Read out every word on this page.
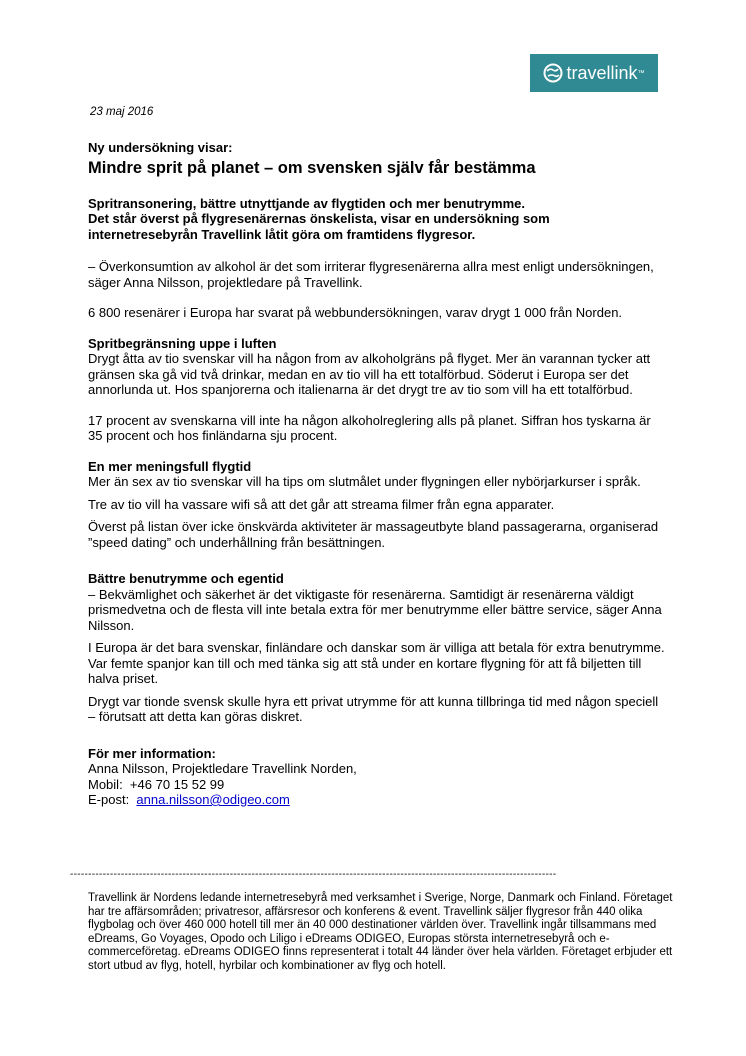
travellink ™
23 maj 2016

Ny undersökning visar:

Mindre sprit på planet – om svensken själv får bestämma

Spritransonering, bättre utnyttjande av flygtiden och mer benutrymme.
Det står överst på flygresenärernas önskelista, visar en undersökning som
internetresebyrån Travellink låtit göra om framtidens flygresor.

– Överkonsumtion av alkohol är det som irriterar flygresenärerna allra mest enligt undersökningen, säger Anna Nilsson, projektledare på Travellink.

6 800 resenärer i Europa har svarat på webbundersökningen, varav drygt 1 000 från Norden.

Spritbegränsning uppe i luften

Drygt åtta av tio svenskar vill ha någon from av alkoholgräns på flyget. Mer än varannan tycker att gränsen ska gå vid två drinkar, medan en av tio vill ha ett totalförbud. Söderut i Europa ser det annorlunda ut. Hos spanjorerna och italienarna är det drygt tre av tio som vill ha ett totalförbud.

17 procent av svenskarna vill inte ha någon alkoholreglering alls på planet. Siffran hos tyskarna är 35 procent och hos finländarna sju procent.

En mer meningsfull flygtid

Mer än sex av tio svenskar vill ha tips om slutmålet under flygningen eller nybörjarkurser i språk.

Tre av tio vill ha vassare wifi så att det går att streama filmer från egna apparater.

Överst på listan över icke önskvärda aktiviteter är massageutbyte bland passagerarna, organiserad ”speed dating” och underhållning från besättningen.

Bättre benutrymme och egentid

– Bekvämlighet och säkerhet är det viktigaste för resenärerna. Samtidigt är resenärerna väldigt prismedvetna och de flesta vill inte betala extra för mer benutrymme eller bättre service, säger Anna Nilsson.

I Europa är det bara svenskar, finländare och danskar som är villiga att betala för extra benutrymme. Var femte spanjor kan till och med tänka sig att stå under en kortare flygning för att få biljetten till halva priset.

Drygt var tionde svensk skulle hyra ett privat utrymme för att kunna tillbringa tid med någon speciell – förutsatt att detta kan göras diskret.

För mer information:
Anna Nilsson, Projektledare Travellink Norden,
Mobil: +46 70 15 52 99
E-post: anna.nilsson@odigeo.com
--------------------------------------------------------------------------------------------------------------------------------------
Travellink är Nordens ledande internetresebyrå med verksamhet i Sverige, Norge, Danmark och Finland. Företaget har tre affärsområden; privatresor, affärsresor och konferens & event. Travellink säljer flygresor från 440 olika flygbolag och över 460 000 hotell till mer än 40 000 destinationer världen över. Travellink ingår tillsammans med eDreams, Go Voyages, Opodo och Liligo i eDreams ODIGEO, Europas största internetresebyrå och e-commerceföretag. eDreams ODIGEO finns representerat i totalt 44 länder över hela världen. Företaget erbjuder ett stort utbud av flyg, hotell, hyrbilar och kombinationer av flyg och hotell.
